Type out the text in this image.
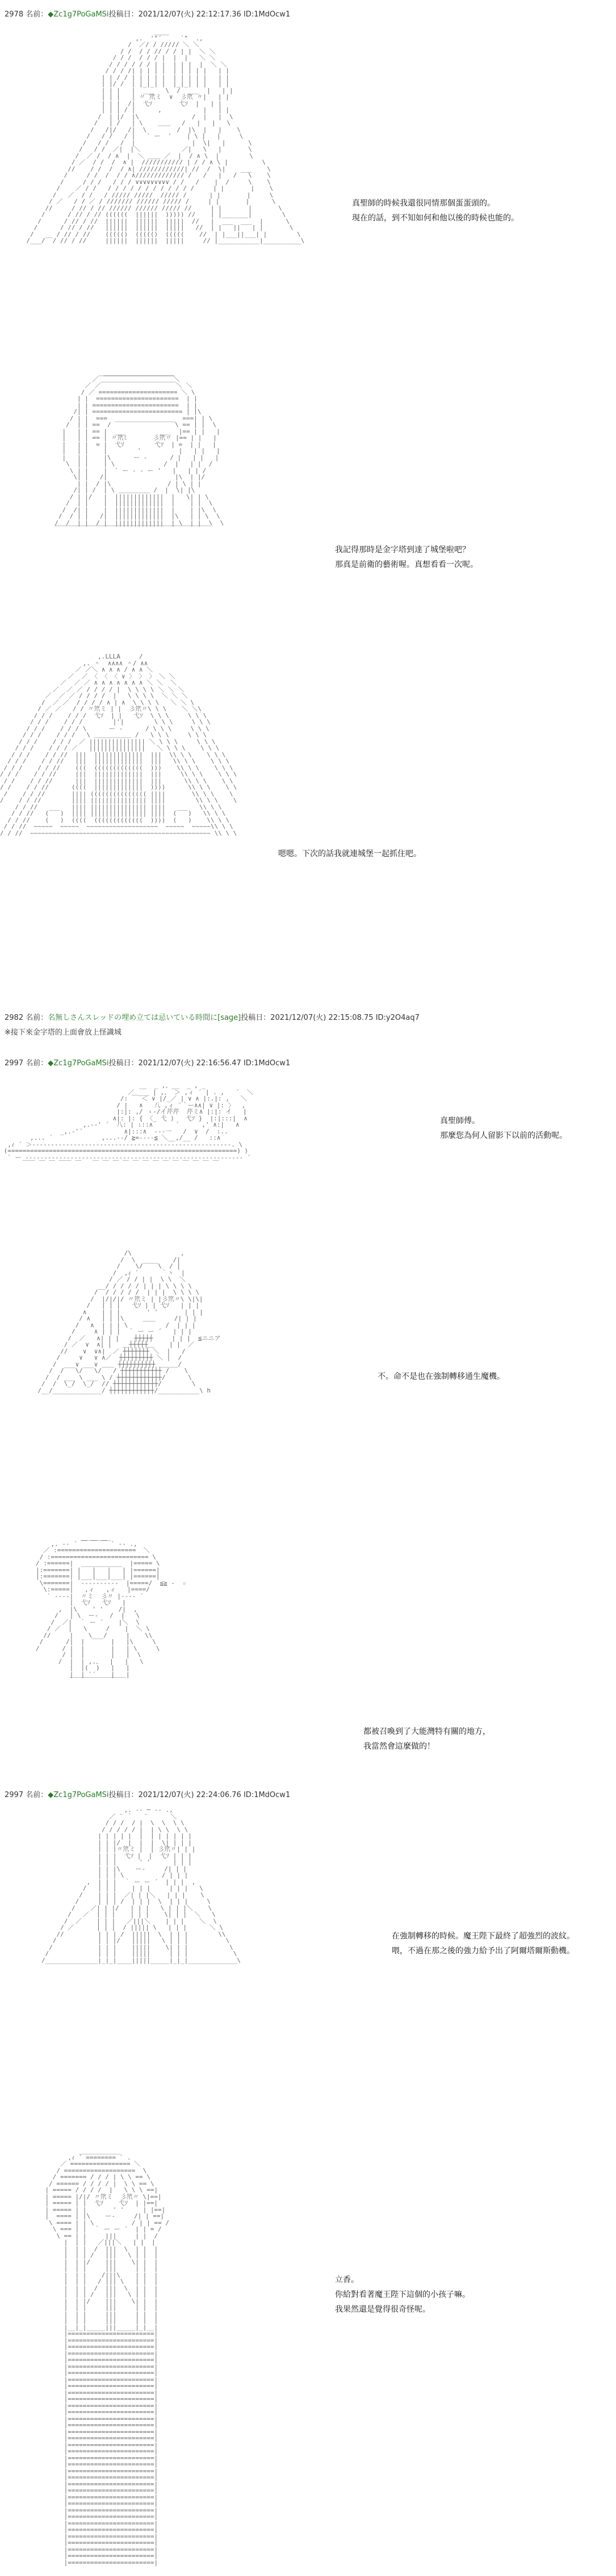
2978 名前：◆Zc1g7PoGaMSi投稿日：2021/12/07(火) 22:12:17.36 ID:1MdOcw1
2982 名前：名無しさんスレッドの埋め立ては忌いている時間に[sage]投稿日：2021/12/07(火) 22:15:08.75 ID:y2O4aq7
※接下來金字塔的上面會放上怪識城
2997 名前：◆Zc1g7PoGaMSi投稿日：2021/12/07(火) 22:16:56.47 ID:1MdOcw1
2997 名前：◆Zc1g7PoGaMSi投稿日：2021/12/07(火) 22:24:06.76 ID:1MdOcw1
____
,.  '"´     `"  .,
/  ／/ / ///// ＼ ＼
/ /  / / // / / | |  ＼ ＼
/ / /  / / / |  |  |   ＼ ＼
/ / / / / / | |  | | |  |  ＼ ＼
/ / / /| | | | |  | | | | |   | |
| | / / | | | | |  | | | | |   | |
| |/ /  | |_|_| |  |_|_| | |   | |
| | |   |  ___   \  /  ___  |   | |
| | |   | 〃 笊ミ  ∨  彡笊 〃|   | |
| | |  /|  弋ｿ       弋ｿ  |   | |
| | | / |      ,           |   | |
/  | |/  |\              /  |   |  \
/   | /   | \    ＿＿   /   |   |   \
/   /|/   /|  \        /  |\  |   |    \
/   / /   / |   ` ー  '    | \ |   |     \
/   / /   /  |               |  \|   |      \
/   / /  ／|  |＼           ／|   \   |       \
/  ／ /  / ∧  |  ＼ ＿＿ ／  |  / ∧ \  |        \
/ ／  / /  /  ∧ |  /////////// | / / ∧ \ |         \
//    / /  /  / ∧| ////////////| //  /  \|    ___    \
/     / /  /  / / ∧///////////// /   /   |   /   \    \
/     / / /   / / / ∨∨∨∨∨∨∨∨∨ / /   /    |  /     \    \
/    ／ / /   / / / / / / / / / / / /     | |       |    \
/   ／  / /   / ///// /////  ///// /      | |       |     \
/ ／   / / ／ / /////// ////// ///// /     | |       |      \
//     / // / // ////// ////// ///// //     | |       |       \
/      / // / // ((((((  ||||||  ))))) //    | |_______|        \
/      / // / //  ||||||  ||||||  |||||  //   |  ___  ___  |      \
/      / // / //   ||||||  ||||||  |||||   //  | |   ||   | |       \
/   __ / // / //    ((((()  ((((()  (((((    //  | |___||___| |        \
/___/  / // / //     ||||||  ||||||  |||||     // |___________|__________\
真聖師的時候我還很同情那個蛋蛋頭的。
現在的話，到不知如何和他以後的時候也能的。
___________________
／￣￣￣￣￣￣￣￣￣￣￣￣＼
／ ／￣￣￣￣￣￣￣￣￣￣￣￣＼ ＼
/ ／ ===================== ＼ \
| |  ======================  | |
| | =======================  | |
/| | ======================== | |\
/ | |  ===  ________________  ===| | \
/  | | ==  /                 \ == | |  \
|   | | == |  ___         ___  |== | |   |
|   | | == | 〃笊ﾐ       彡笊〃 |== | |   |
|   | |  = |  弋ｿ        弋ｿ  | =  | |   |
|   | |    |        '          |   | |   |
|   | |    |\      ー ‐      / |   | |   |
\  | |    | \             /  |   | |  /
\ | |    |  ` ー ‐ ‐ ー '   |   | | /
\| |   /|                  |\  | |/
| |  / |\               / | \ | |
/| | /  | \ ＿＿＿＿＿ /  |  \| |\
/ | |/   |  |||||||||||||  |   \| | \
/  | |    |  |||||||||||||  |    | |  \
/  /| |    |  |||||||||||||  |    | |\  \
/  / | |   /|  |||||||||||||  |\   | | \  \
/  /  | |  / |  |||||||||||||  | \  | |  \  \
￣￣￣￣￣￣￣￣￣￣￣￣￣￣￣￣￣￣￣￣￣￣￣￣￣
我記得那時是金字塔到達了城堡啦吧？
那真是前衛的藝術喔。真想看看一次呢。
,.LLLA     /
,. ＾  ∧∧∧∧ ＾/ ∧∧
／ ／＼ ∧ ∧ ∧ / ∧ ∧ ＼
／  ／ 〈 〈 〈 ∨ 〉 〉 〉 ＼ ＼
／  ／ ／ ∧ ∧ ∧ ∧ ∧ ∧ ∧ ＼ ＼  ＼
／  ／ ／ / / / / |  \ \ \ \ ＼ ＼ ＼
／  ／ ／ / / / /  |   \ \ \ \  ＼ ＼ ＼
/  ／ ／  / / / / ∧ | ∧  \ \ \ \   ＼ ＼ \
/ ／ ／   / / 〃笊ミ | |  彡笊〃\ \ \    ＼ ＼\
/ / /    / / /  弋ｿ  | |   弋ｿ  \ \ \     \ \ \
/ / /    / / /        |'|        \ \ \     \ \ \
/ / /    / / / \      ー ‐      / \ \ \     \ \ \
/ / /    / / /   \ ＿＿＿＿＿＿ /   \ \ \     \ \ \
/ / /    / / /  ／ ||||||||||||||| ＼ \ \ \     \ \ \
/ / /    / / / ／   |||||||||||||||   ＼ \ \ \    \ \ \
/ / /    / / //  |||  |||||||||||||  |||  \\ \ \    \ \ \
/ / /    / / //   |||  |||||||||||||  |||   \\ \ \    \ \ \
/ / /    / / //    (((  (((((((((((((  )))    \\ \ \    \ \ \
/ / /    / / //     |||  |||||||||||||  |||     \\ \ \    \ \ \
/ /    / / //      |||  |||||||||||||  |||      \\ \ \    \ \
/ /    / / //      ((((  |||||||||||||  ))))      \\ \ \    \ \
/    / / //       |||| ((((((((((((((( ||||       \\ \ \    \
/    / / //        |||| ||||||||||||||| ||||        \\ \ \    \
/ / //   ___   |||| ||||||||||||||| ||||   ___   \\ \ \
/ / //   (   )  |||| ||||||||||||||| ||||  (   )   \\ \ \
/ / //    (   )  ((((  (((((((((((((  ))))  (   )    \\ \ \
/ / //  ~~~~~  ~~~~~  ~~~~~~~~~~~~~~~~~~~  ~~~~~  ~~~~~\\ \ \
/ / //  ~~~~~~~~~~~~~~~~~~~~~~~~~~~~~~~~~~~~~~~~~~~~~~~~ \\ \ \
嗯嗯。下次的話我就連城堡一起抓住吧。
__  _ ,、__  _ , _
／ ___ | ,、 ＞ ,ィ ´ | . ,   ´  ＼
/: ￣ ＜ ∨ |/_／ | ∨ ∧ |:.|: ,   ＼
/ |   ∧   八 ,ィ ¨｀ー∧∧| ∨ |: 〉  ,
|:|: ,/ ゝ-/イ芹芹  芹ミ∧ |:|: イ   |
∧|: |: { 〈_ 弋 )   弋ｿ }  |:|:::|  ∧
,.-‐' ´  八: | :::∧      ´      ,' ∧:|   ∧
_,.-'´           ∧|:::∧  ‐--一   /  ∨  /  :..
,... ´             ,...-‐/ ≧=---‐≦ ＼__,/__ /   ::∧
,ｨ ´ ＞-----------------------------------------------------. \
(=============================================================) )
` ー ---------------------------------------------------------- ´
￣￣ ￣ ￣ ￣￣ ￣   ￣ ￣ ￣ ￣ ￣ ￣ ￣ ￣ ￣ ￣ ￣ ￣ ￣
真聖師傅。
那麼您為何人留影下以前的活動呢。
/\             ,
/  \  ____    /|
/    \/    \  / |
/  ,ｨ ´      ｀丶  |
/ ／ / / | |  \ \  ＼
__/ / / / / | | | \ \ \ \
/  / / / / /  | | |  \ \ \ \
/  |/|/|/ 〃笊ミ | |彡笊〃\ \|\|
/   | | |   弋ｿ | | 弋ｿ   | | |
∧    | | |       ' '       | | |
/ ∧   | | |\     ＿＿     /| | |
/   ∧  | | | \          /  | | |
/     ∧ | | |  ｀ ー ー ´   | | |
/  ／   ∧| | |    ┼┼┼┼┼     | | |  ≦ニニア
/ ／  ∨  ∧| |   ＿┼┼┼┼┼＿    | |  ／
//    ∨  ∨∧|  ／ ┼┼┼┼┼┼┼ ＼  |   /
/     ∨   ∨ ∧／  ┼┼┼┼┼┼┼┼┼ ＼ |  /
/  ___∨ ___∨ ＿＿ ┼┼┼┼┼┼┼┼┼┼ ＿＿＿/
/  /   \/   \/   / ┼┼┼┼┼┼┼┼┼┼┼ /    \
/  / ___ \ ___ \ / ┼┼┼┼┼┼┼┼┼┼┼┼/      \
/  /  \_/  \_/  // ┼┼┼┼┼┼┼┼┼┼┼┼/        \
/__/_____________/ ┼┼┼┼┼┼┼┼┼┼┼┼/___________\ h
不。命不是也在強制轉移通生魔機。
________
,. -‐ ´ ￣ ￣ ￣ ` ‐- .,
／ :=====================  ＼
/ :========================== \
/ :======|  ___________  |===== \
|:=======| |   |   |   | |======|
|:=======| |___|___|___| |======|
\=======|  ‐-------‐-  |=====/  ≦≧ ‐  ☆
\:=====|   ,ィ   ,ィ   |====/
` ‐---|  〃ミ  彡〃 |---‐ ´
|  弋ｿ   弋ｿ   |
,  |\    ' '    /|  ,
/   | \  ー‐   /  |   \
/  ／|  ｀ ー ´    |＼  \
/ ／  |   \     /    |  ＼ \
//     |    \___/     |    \\
/      /|  |       |   |\     \
/      / |  |       |   | \     \
/ |  |       |   |  \
/  |  | ,.、  |   |   \
|  |(  )   |   |
|  | `´    |   |
￣￣￣￣￣￣￣￣￣
都被召喚到了大能灣特有關的地方，
我當然會這麼做的！
,. -‐ ─ ‐- .,
／ ¨ ｀   ¨      ＼
/ / /  / |  \  \  \ \
/ / / / / |  | \ \  \ \
| | | | |  |  | | | | | |
| | |/  |  |  |  \| | | |
| | |〃笊ミ |  | 彡笊〃| | |
| | |  弋ｿ |  |  弋ｿ | | |
| | |      ' '      | | |
| | |\    ー‐     /| | |
| | | \          / | | |
,  | | |  ｀ ー ー ´  | | |  ,
/   | | |    | | |     | | |   \
/    | | |  ／| | |＼   | | |    \
/     | | | /  | | |  \  | | |     \
/    ／| | |/   | | |   \ | | |＼    \
/   ／  | | |    | | |    \| | |  ＼   \
/  ／    | | |   ／|||＼    | | |    ＼  \
/ ／      | | |  / ||||| \   | | |      ＼ \
//         | | | /  |||||  \  | | |        \\
/           | | |/   |||||   \ | | |          \
/            | | |    |||||    \| | |           \
/             | | |    |||||     | | |            \
/______________|_|_|____|||||_____|_|_|_____________\
在強制轉移的時候。魔王陛下最終了超強烈的波紋。
喂，不過在那之後的強力給予出了阿爾塔爾斯動機。
___________
,ｨ ´ ======== ` .
／ ================ ＼
/ ===================  \
/ ======= / / / | \ \ == \
/ ====== / / / / |  \ \ == \
| ===== / / / /  |   \ \ \ ==|
| ===== |/|/ 〃笊ミ  彡笊〃 \|==|
| ===== | |  弋ｿ    弋ｿ  | |==|
| ===== | |       ' '     | |==|
|  ==== | |\    ー‐     /| | ==|
\ ==== | | \          / | | == /
\ === | |  ｀ ー ー ´  | | = /
\ == | |     |||     | |  /
|  | |   ／|||＼   | |  |
|  | |  /  |||  \  | |  |
|  | | /   |||   \ | |  |
|  | |/    |||    \| |  |
|  | |     |||     | |  |
|  | |    /|||\    | |  |
|  | |   / ||| \   | |  |
|  | |  /  |||  \  | |  |
|  | | /   |||   \ | |  |
|  | |/    |||    \| |  |
|  | |     |||     | |  |
|  | |     |||     | |  |
|  | |     |||     | |  |
|__|_|_____|||_____|_|__|
|=======================|
|=======================|
|=======================|
|=======================|
|=======================|
|=======================|
|=======================|
|=======================|
|=======================|
|=======================|
|=======================|
|=======================|
|=======================|
|=======================|
|=======================|
|=======================|
|=======================|
|=======================|
|=======================|
|=======================|
|=======================|
|=======================|
|=======================|
|=======================|
|=======================|
|=======================|
|=======================|
|=======================|
|=======================|
|=======================|
|=======================|
|=======================|
|=======================|
|=======================|
|=======================|
|=======================|
立香。
你給對看著魔王陛下這個的小孩子嘛。
我果然還是覺得很奇怪呢。
